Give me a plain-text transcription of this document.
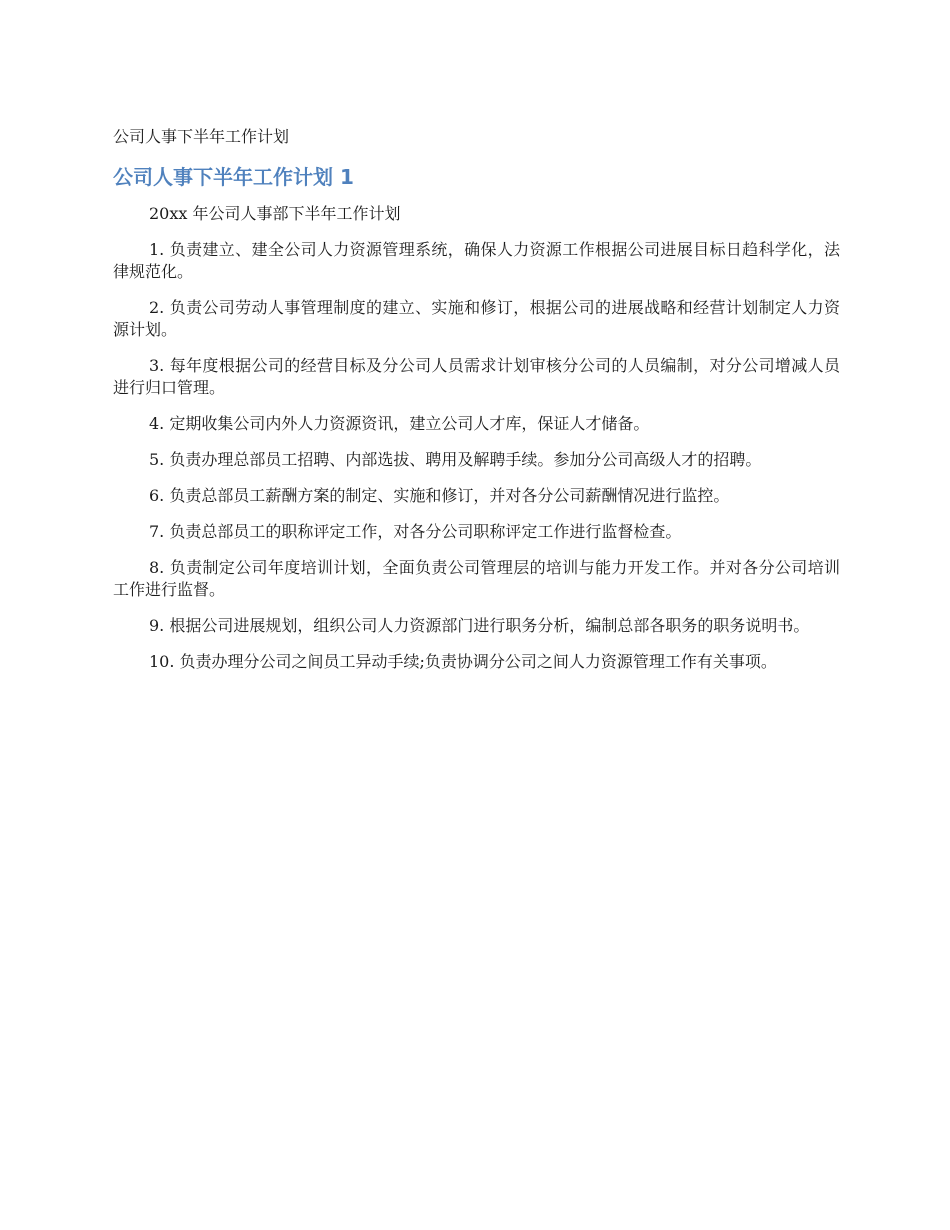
公司人事下半年工作计划
公司人事下半年工作计划 1

20xx 年公司人事部下半年工作计划

1. 负责建立、建全公司人力资源管理系统，确保人力资源工作根据公司进展目标日趋科学化，法律规范化。

2. 负责公司劳动人事管理制度的建立、实施和修订，根据公司的进展战略和经营计划制定人力资源计划。

3. 每年度根据公司的经营目标及分公司人员需求计划审核分公司的人员编制，对分公司增减人员进行归口管理。

4. 定期收集公司内外人力资源资讯，建立公司人才库，保证人才储备。

5. 负责办理总部员工招聘、内部选拔、聘用及解聘手续。参加分公司高级人才的招聘。

6. 负责总部员工薪酬方案的制定、实施和修订，并对各分公司薪酬情况进行监控。

7. 负责总部员工的职称评定工作，对各分公司职称评定工作进行监督检查。

8. 负责制定公司年度培训计划，全面负责公司管理层的培训与能力开发工作。并对各分公司培训工作进行监督。

9. 根据公司进展规划，组织公司人力资源部门进行职务分析，编制总部各职务的职务说明书。

10. 负责办理分公司之间员工异动手续;负责协调分公司之间人力资源管理工作有关事项。
